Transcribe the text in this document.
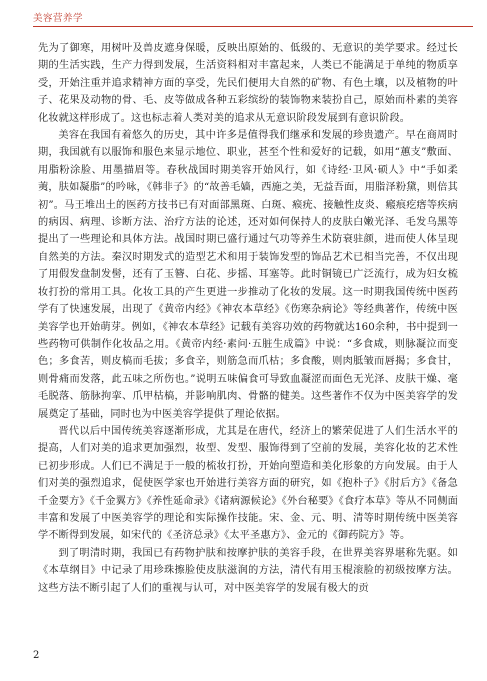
美容营养学

先为了御寒，用树叶及兽皮遮身保暖，反映出原始的、低级的、无意识的美学要求。经过长期的生活实践，生产力得到发展，生活资料相对丰富起来，人类已不能满足于单纯的物质享受，开始注重并追求精神方面的享受，先民们便用大自然的矿物、有色土壤，以及植物的叶子、花果及动物的骨、毛、皮等做成各种五彩缤纷的装饰物来装扮自己，原始而朴素的美容化妆就这样形成了。这也标志着人类对美的追求从无意识阶段发展到有意识阶段。

美容在我国有着悠久的历史，其中许多是值得我们继承和发展的珍贵遗产。早在商周时期，我国就有以服饰和服色来显示地位、职业，甚至个性和爱好的记载，如用“蕙支”敷面、用脂粉涂脸、用墨描眉等。春秋战国时期美容开始风行，如《诗经·卫风·硕人》中“手如柔荑，肤如凝脂”的吟咏，《韩非子》的“故善毛嫱，西施之美，无益吾面，用脂泽粉黛，则倍其初”。马王堆出土的医药方技书已有对面部黑斑、白斑、瘊疣、接触性皮炎、瘢痕疙瘩等疾病的病因、病理、诊断方法、治疗方法的论述，还对如何保持人的皮肤白嫩光泽、毛发乌黑等提出了一些理论和具体方法。战国时期已盛行通过气功等养生术防衰驻颜，进而使人体呈现自然美的方法。秦汉时期发式的造型艺术和用于装饰发型的饰品艺术已相当完善，不仅出现了用假发盘制发髻，还有了玉簪、白花、步摇、耳塞等。此时铜镜已广泛流行，成为妇女梳妆打扮的常用工具。化妆工具的产生更进一步推动了化妆的发展。这一时期我国传统中医药学有了快速发展，出现了《黄帝内经》《神农本草经》《伤寒杂病论》等经典著作，传统中医美容学也开始萌芽。例如，《神农本草经》记载有美容功效的药物就达160余种，书中提到一些药物可供制作化妆品之用。《黄帝内经·素问·五脏生成篇》中说：“多食咸，则脉凝泣而变色；多食苦，则皮槁而毛拔；多食辛，则筋急而爪枯；多食酸，则肉胝皱而唇揭；多食甘，则骨痛而发落，此五味之所伤也。”说明五味偏食可导致血凝涩而面色无光泽、皮肤干燥、毫毛脱落、筋脉拘挛、爪甲枯槁，并影响肌肉、骨骼的健美。这些著作不仅为中医美容学的发展奠定了基础，同时也为中医美容学提供了理论依据。

晋代以后中国传统美容逐渐形成，尤其是在唐代，经济上的繁荣促进了人们生活水平的提高，人们对美的追求更加强烈，妆型、发型、服饰得到了空前的发展，美容化妆的艺术性已初步形成。人们已不满足于一般的梳妆打扮，开始向塑造和美化形象的方向发展。由于人们对美的强烈追求，促使医学家也开始进行美容方面的研究，如《抱朴子》《肘后方》《备急千金要方》《千金翼方》《养性延命录》《诸病源候论》《外台秘要》《食疗本草》等从不同侧面丰富和发展了中医美容学的理论和实际操作技能。宋、金、元、明、清等时期传统中医美容学不断得到发展，如宋代的《圣济总录》《太平圣惠方》、金元的《御药院方》等。

到了明清时期，我国已有药物护肤和按摩护肤的美容手段，在世界美容界堪称先驱。如《本草纲目》中记录了用珍珠擦脸使皮肤滋润的方法，清代有用玉棍滚脸的初级按摩方法。这些方法不断引起了人们的重视与认可，对中医美容学的发展有极大的贡

2
